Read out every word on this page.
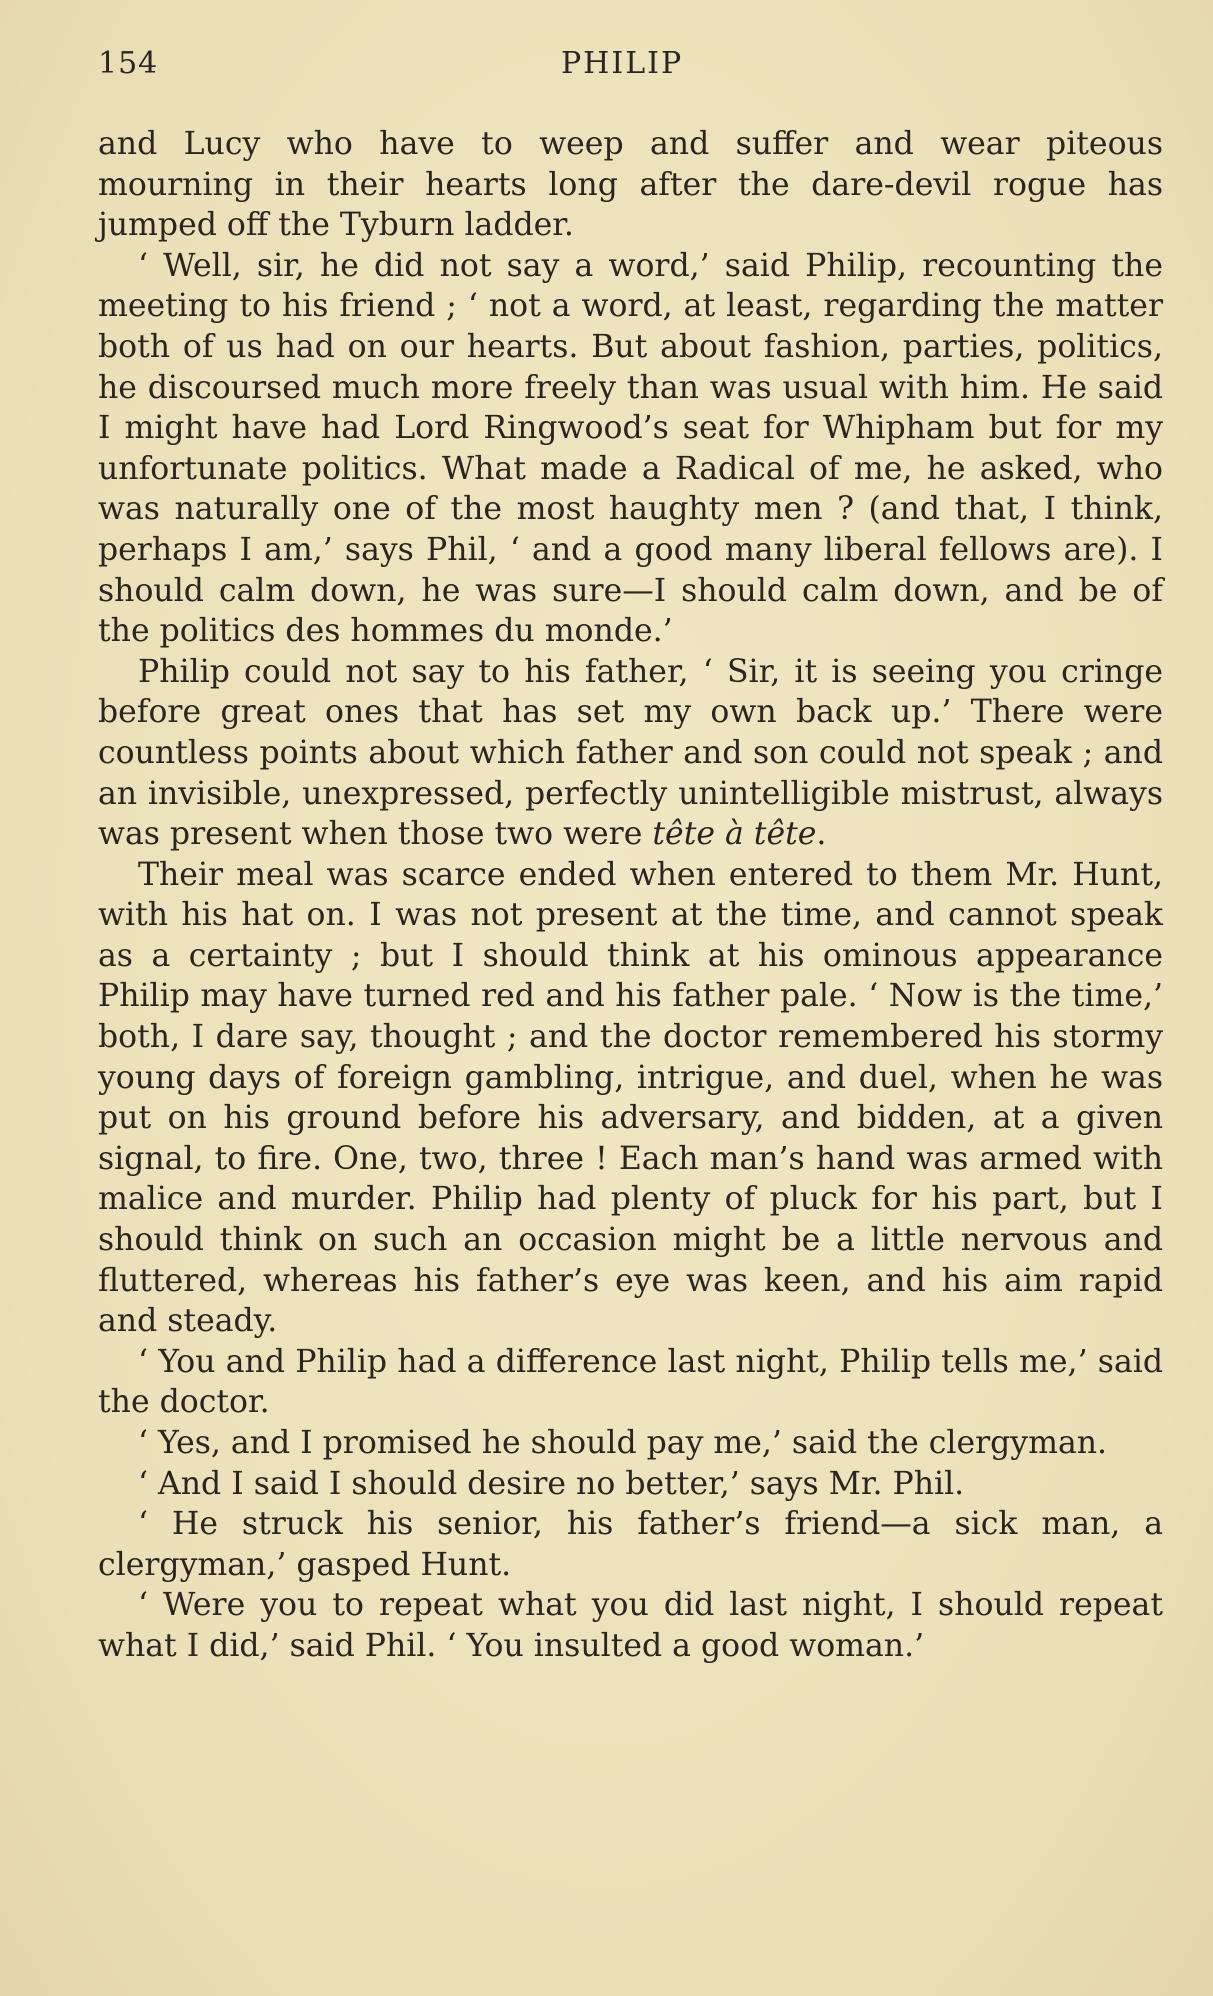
154	PHILIP

and Lucy who have to weep and suffer and wear piteous mourning in their hearts long after the dare-devil rogue has jumped off the Tyburn ladder.

‘ Well, sir, he did not say a word,’ said Philip, recounting the meeting to his friend ; ‘ not a word, at least, regarding the matter both of us had on our hearts. But about fashion, parties, politics, he discoursed much more freely than was usual with him. He said I might have had Lord Ringwood’s seat for Whipham but for my unfortunate politics. What made a Radical of me, he asked, who was naturally one of the most haughty men ? (and that, I think, perhaps I am,’ says Phil, ‘ and a good many liberal fellows are). I should calm down, he was sure—I should calm down, and be of the politics des hommes du monde.’

Philip could not say to his father, ‘ Sir, it is seeing you cringe before great ones that has set my own back up.’ There were countless points about which father and son could not speak ; and an invisible, unexpressed, perfectly unintelligible mistrust, always was present when those two were tête à tête.

Their meal was scarce ended when entered to them Mr. Hunt, with his hat on. I was not present at the time, and cannot speak as a certainty ; but I should think at his ominous appearance Philip may have turned red and his father pale. ‘ Now is the time,’ both, I dare say, thought ; and the doctor remembered his stormy young days of foreign gambling, intrigue, and duel, when he was put on his ground before his adversary, and bidden, at a given signal, to fire. One, two, three ! Each man’s hand was armed with malice and murder. Philip had plenty of pluck for his part, but I should think on such an occasion might be a little nervous and fluttered, whereas his father’s eye was keen, and his aim rapid and steady.

‘ You and Philip had a difference last night, Philip tells me,’ said the doctor.

‘ Yes, and I promised he should pay me,’ said the clergyman.

‘ And I said I should desire no better,’ says Mr. Phil.

‘ He struck his senior, his father’s friend—a sick man, a clergyman,’ gasped Hunt.

‘ Were you to repeat what you did last night, I should repeat what I did,’ said Phil. ‘ You insulted a good woman.’
